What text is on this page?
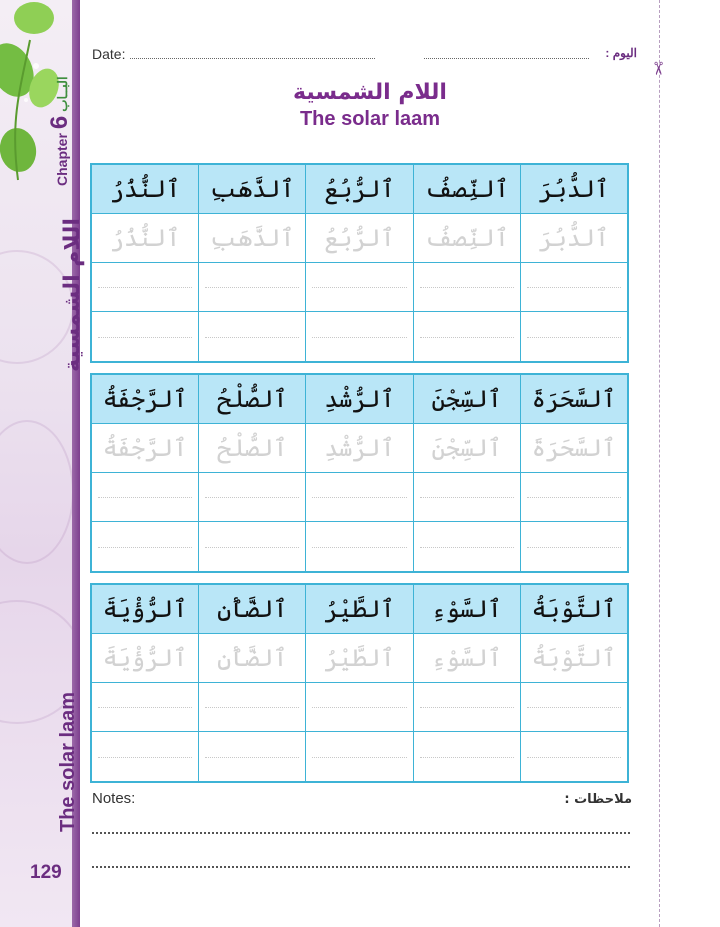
Chapter
6
البــاب
اللام الشمسية
The solar laam
129
✂
Date:	اليوم :
اللام الشمسية
The solar laam
ٱلنُّذُرُ ٱلذَّهَبِ ٱلرُّبُعُ ٱلنِّصفُ ٱلدُّبُرَ
ٱلنُّذُرُ ٱلذَّهَبِ ٱلرُّبُعُ ٱلنِّصفُ ٱلدُّبُرَ
ٱلرَّجْفَةُ ٱلصُّلْحُ ٱلرُّشْدِ ٱلسِّجْنَ ٱلسَّحَرَةَ
ٱلرَّجْفَةُ ٱلصُّلْحُ ٱلرُّشْدِ ٱلسِّجْنَ ٱلسَّحَرَةَ
ٱلرُّؤْيَةَ ٱلضَّأْنِ ٱلطَّيْرُ ٱلسَّوْءِ ٱلتَّوْبَةُ
ٱلرُّؤْيَةَ ٱلضَّأْنِ ٱلطَّيْرُ ٱلسَّوْءِ ٱلتَّوْبَةُ
Notes:	ملاحظات :
